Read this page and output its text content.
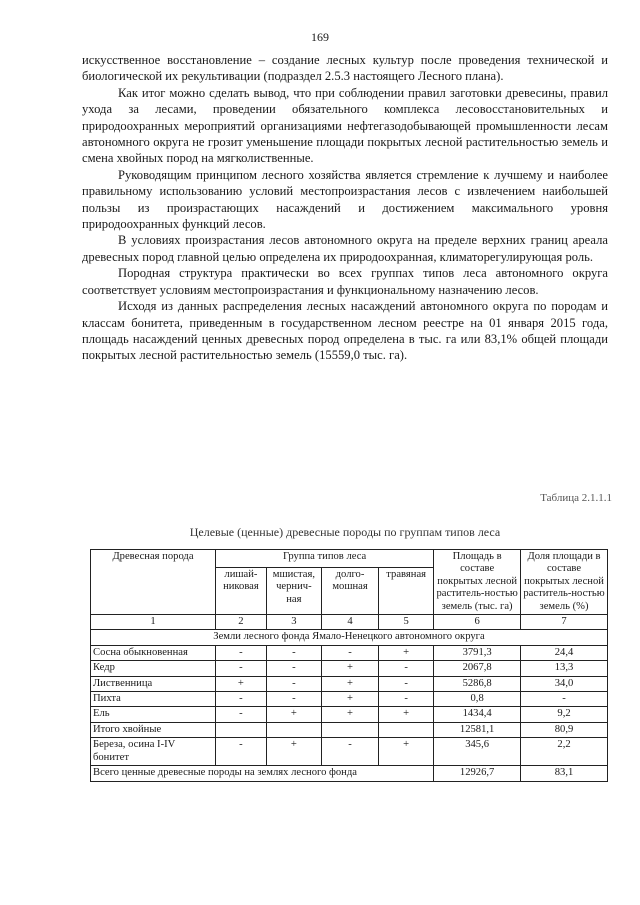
169

искусственное восстановление – создание лесных культур после проведения технической и биологической их рекультивации (подраздел 2.5.3 настоящего Лесного плана).

Как итог можно сделать вывод, что при соблюдении правил заготовки древесины, правил ухода за лесами, проведении обязательного комплекса лесовосстановительных и природоохранных мероприятий организациями нефтегазодобывающей промышленности лесам автономного округа не грозит уменьшение площади покрытых лесной растительностью земель и смена хвойных пород на мягколиственные.

Руководящим принципом лесного хозяйства является стремление к лучшему и наиболее правильному использованию условий местопроизрастания лесов с извлечением наибольшей пользы из произрастающих насаждений и достижением максимального уровня природоохранных функций лесов.

В условиях произрастания лесов автономного округа на пределе верхних границ ареала древесных пород главной целью определена их природоохранная, климаторегулирующая роль.

Породная структура практически во всех группах типов леса автономного округа соответствует условиям местопроизрастания и функциональному назначению лесов.

Исходя из данных распределения лесных насаждений автономного округа по породам и классам бонитета, приведенным в государственном лесном реестре на 01 января 2015 года, площадь насаждений ценных древесных пород определена в тыс. га или 83,1% общей площади покрытых лесной растительностью земель (15559,0 тыс. га).

Таблица 2.1.1.1
Целевые (ценные) древесные породы по группам типов леса
Древесная порода	Группа типов леса				Площадь в составе покрытых лесной раститель-ностью земель (тыс. га)	Доля площади в составе покрытых лесной раститель-ностью земель (%)
	лишай-никовая	мшистая, чернич-ная	долго-мошная	травяная		
1	2	3	4	5	6	7
Земли лесного фонда Ямало-Ненецкого автономного округа						
Сосна обыкновенная	-	-	-	+	3791,3	24,4
Кедр	-	-	+	-	2067,8	13,3
Лиственница	+	-	+	-	5286,8	34,0
Пихта	-	-	+	-	0,8	-
Ель	-	+	+	+	1434,4	9,2
Итого хвойные					12581,1	80,9
Береза, осина I-IV бонитет	-	+	-	+	345,6	2,2
Всего ценные древесные породы на землях лесного фонда					12926,7	83,1
